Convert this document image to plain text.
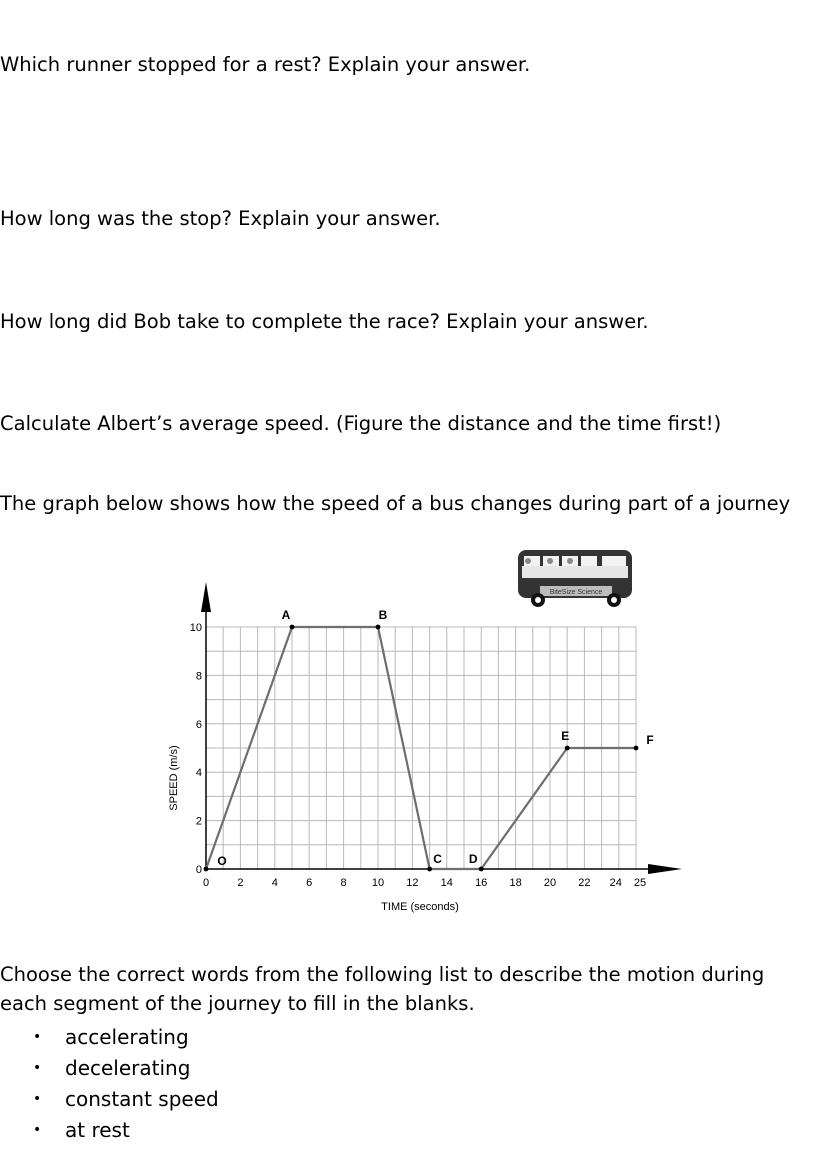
Which runner stopped for a rest? Explain your answer.
How long was the stop? Explain your answer.
How long did Bob take to complete the race? Explain your answer.
Calculate Albert’s average speed. (Figure the distance and the time first!)
The graph below shows how the speed of a bus changes during part of a journey
0	2	4	6	8 10 12 14 16 18 20 22 24 25
0
2
4
6
8
10
O
A	B
C D
E	F
BiteSize Science
TIME (seconds)
SPEED (m/s)

Choose the correct words from the following list to describe the motion during each segment of the journey to fill in the blanks.

• accelerating
• decelerating
• constant speed
• at rest
